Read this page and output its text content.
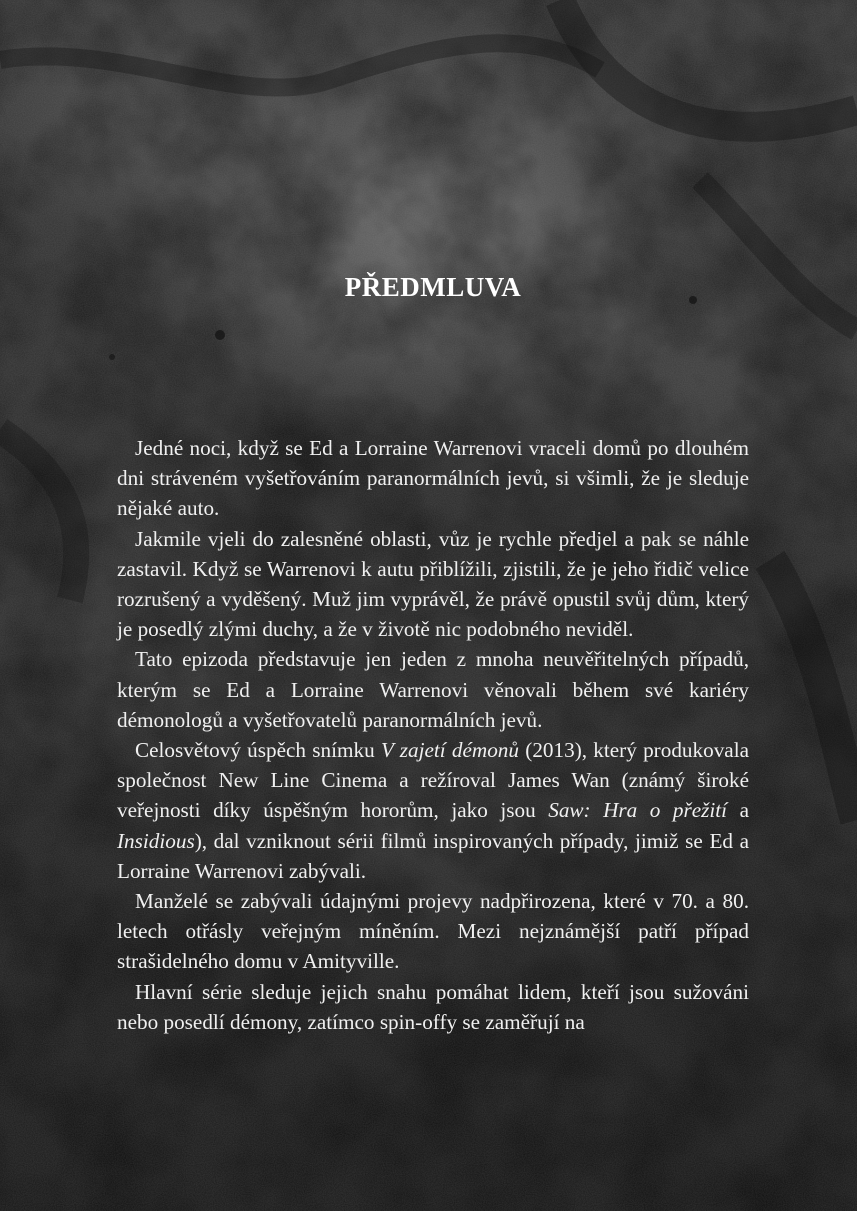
PŘEDMLUVA

Jedné noci, když se Ed a Lorraine Warrenovi vraceli domů po dlouhém dni stráveném vyšetřováním paranormálních jevů, si všimli, že je sleduje nějaké auto.

Jakmile vjeli do zalesněné oblasti, vůz je rychle předjel a pak se náhle zastavil. Když se Warrenovi k autu přiblížili, zjistili, že je jeho řidič velice rozrušený a vyděšený. Muž jim vyprávěl, že právě opustil svůj dům, který je posedlý zlými duchy, a že v životě nic podobného neviděl.

Tato epizoda představuje jen jeden z mnoha neuvěřitelných případů, kterým se Ed a Lorraine Warrenovi věnovali během své kariéry démonologů a vyšetřovatelů paranormálních jevů.

Celosvětový úspěch snímku V zajetí démonů (2013), který produkovala společnost New Line Cinema a režíroval James Wan (známý široké veřejnosti díky úspěšným hororům, jako jsou Saw: Hra o přežití a Insidious), dal vzniknout sérii filmů inspirovaných případy, jimiž se Ed a Lorraine Warrenovi zabývali.

Manželé se zabývali údajnými projevy nadpřirozena, které v 70. a 80. letech otřásly veřejným míněním. Mezi nejznámější patří případ strašidelného domu v Amityville.

Hlavní série sleduje jejich snahu pomáhat lidem, kteří jsou sužováni nebo posedlí démony, zatímco spin-offy se zaměřují na
